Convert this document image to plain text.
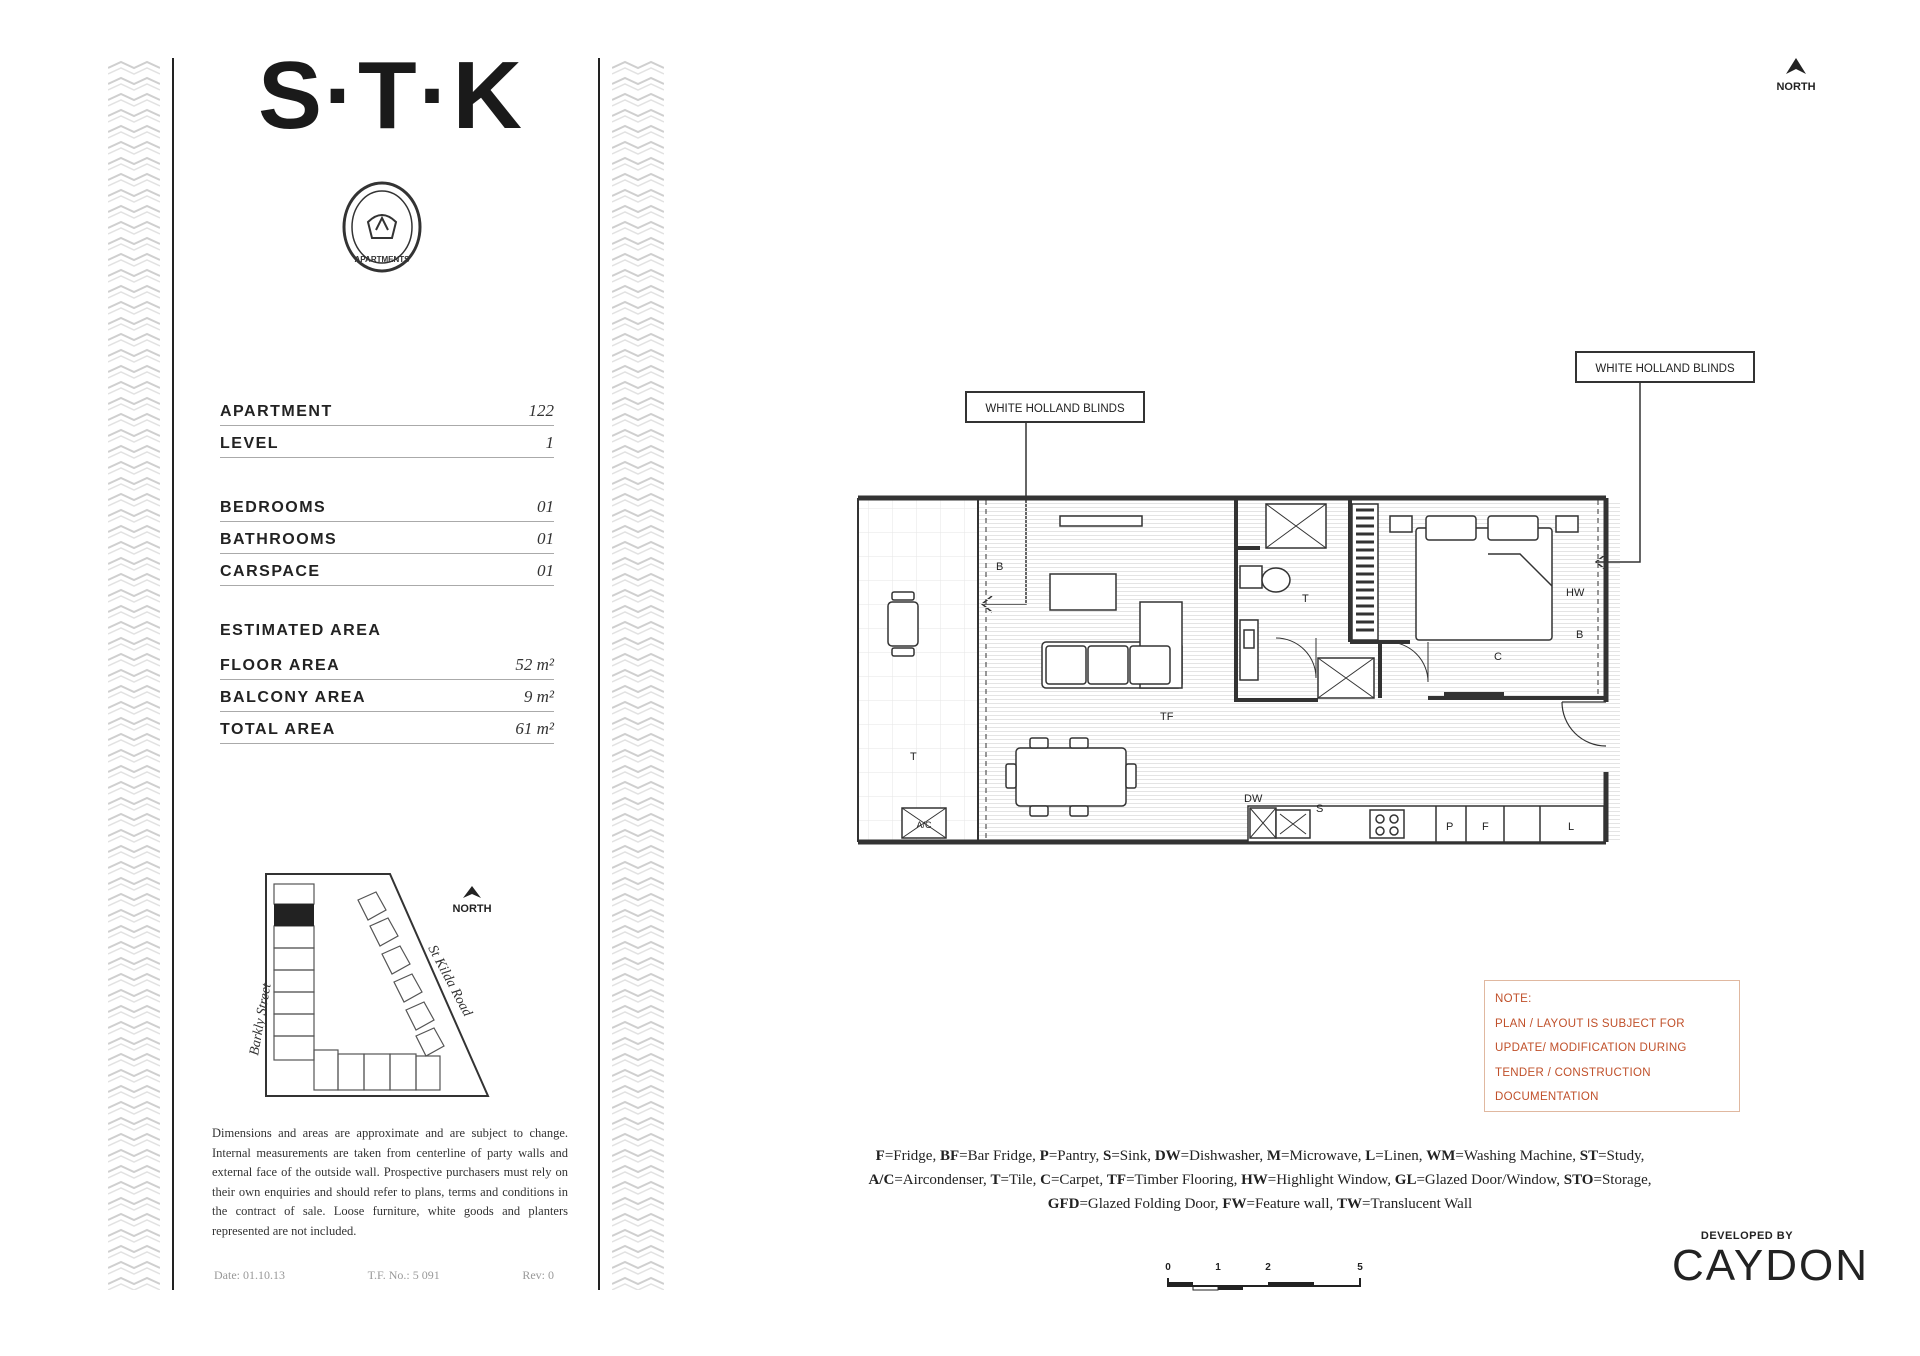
S·T·K
APARTMENTS
APARTMENT	122
LEVEL	1
BEDROOMS	01
BATHROOMS	01
CARSPACE	01
ESTIMATED AREA
FLOOR AREA	52 m²
BALCONY AREA	9 m²
TOTAL AREA	61 m²
Barkly Street
St Kilda Road
NORTH
Dimensions and areas are approximate and are subject to change. Internal measurements are taken from centerline of party walls and external face of the outside wall. Prospective purchasers must rely on their own enquiries and should refer to plans, terms and conditions in the contract of sale. Loose furniture, white goods and planters represented are not included.
Date: 01.10.13	T.F. No.: 5 091	Rev: 0
NORTH
WHITE HOLLAND BLINDS
WHITE HOLLAND BLINDS
A/C
B
T
T
TF
C
HW
B
DW
S
P	F	L
NOTE:
PLAN / LAYOUT IS SUBJECT FOR
UPDATE/ MODIFICATION DURING
TENDER / CONSTRUCTION
DOCUMENTATION
F=Fridge, BF=Bar Fridge, P=Pantry, S=Sink, DW=Dishwasher, M=Microwave, L=Linen, WM=Washing Machine, ST=Study,
A/C=Aircondenser, T=Tile, C=Carpet, TF=Timber Flooring, HW=Highlight Window, GL=Glazed Door/Window, STO=Storage,
GFD=Glazed Folding Door, FW=Feature wall, TW=Translucent Wall
0	1	2	5
DEVELOPED BY
CAYDON
